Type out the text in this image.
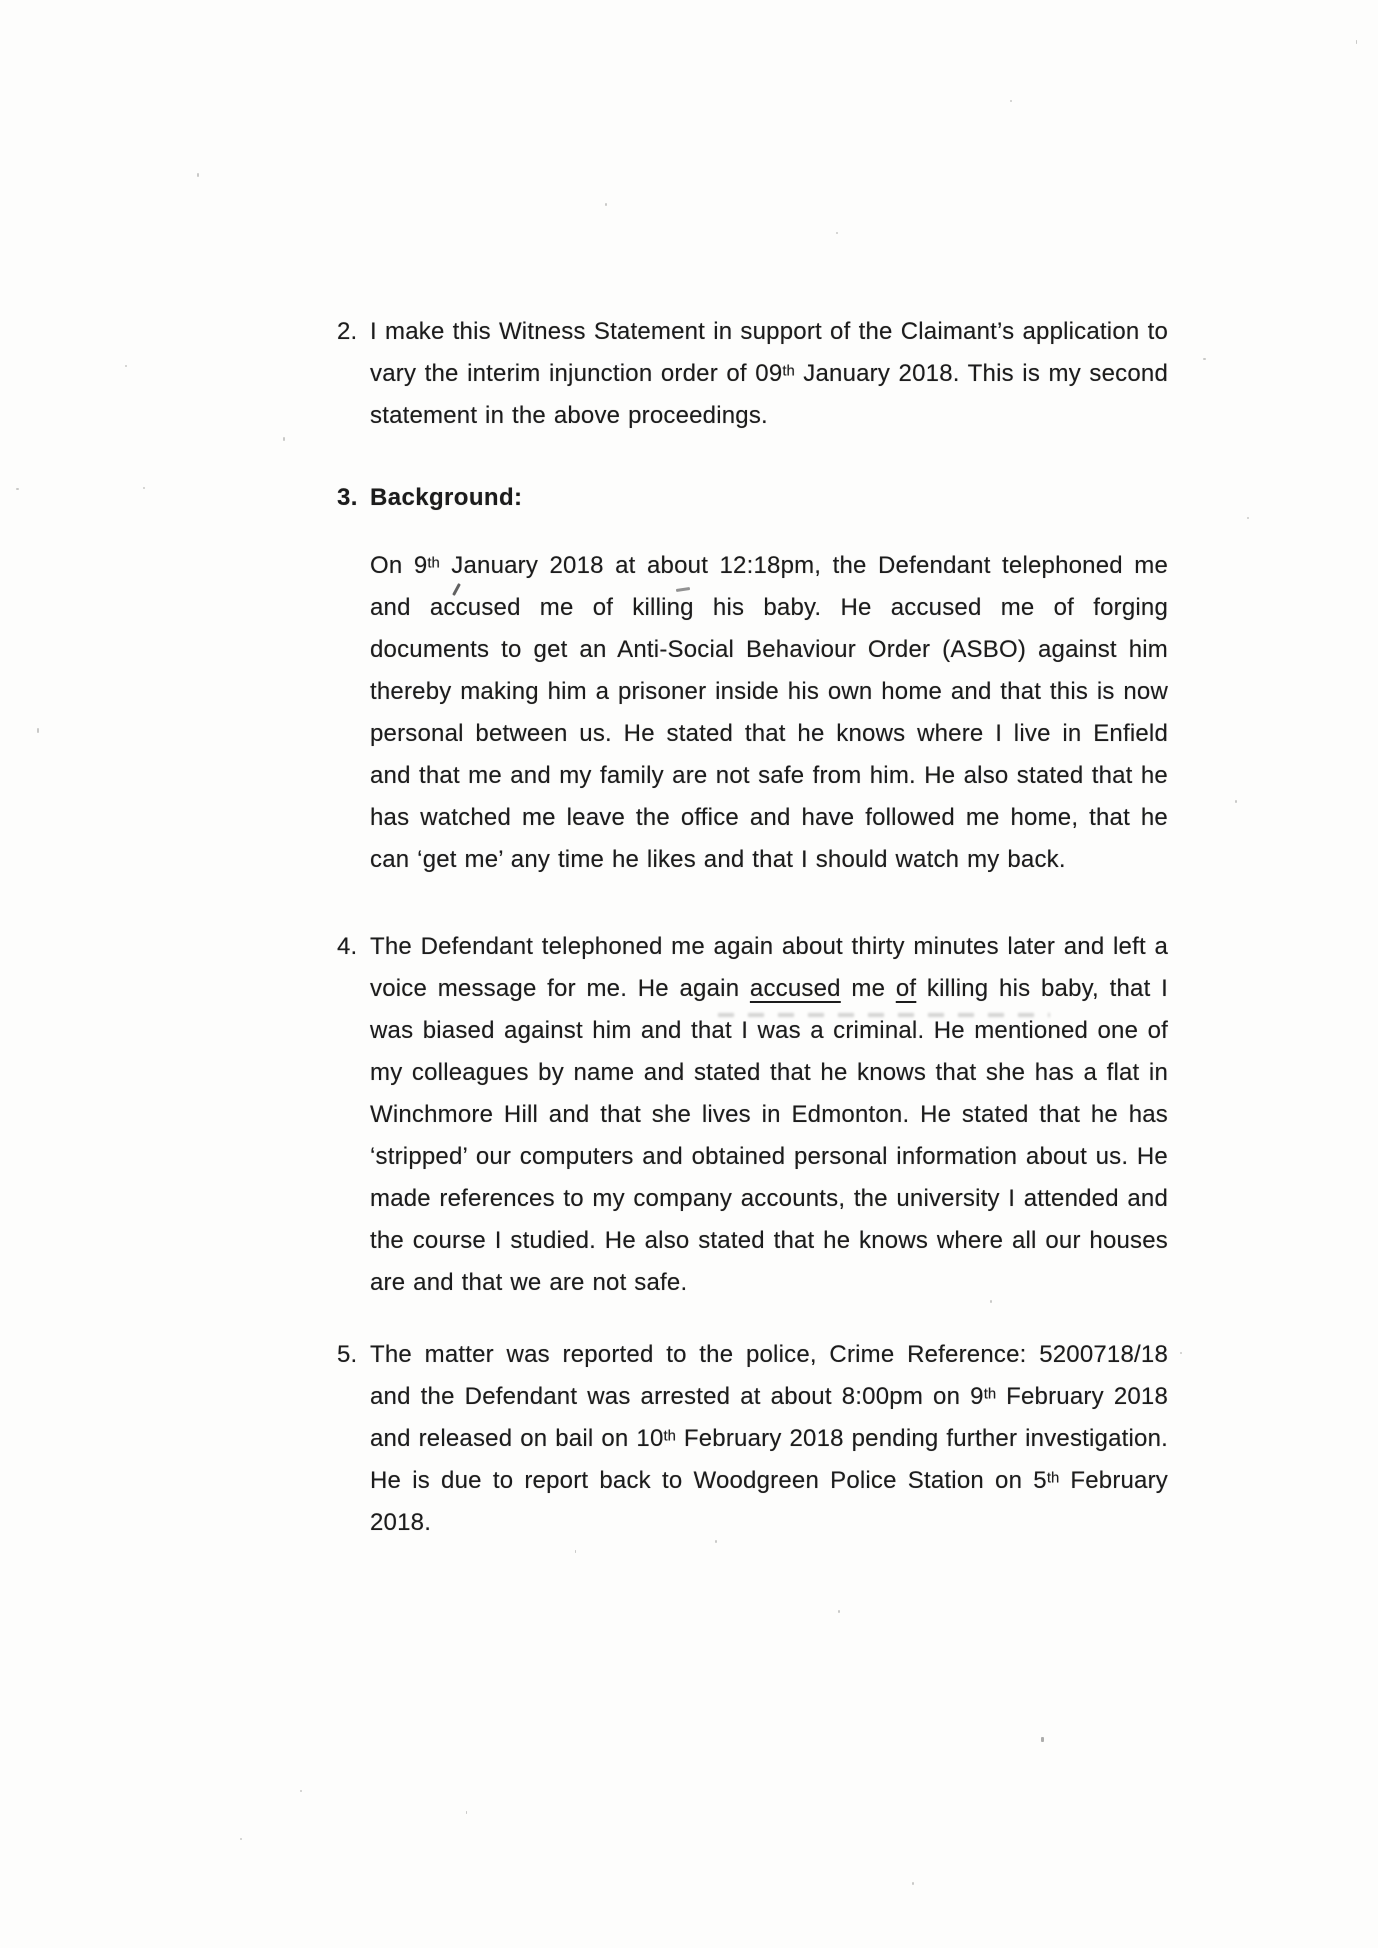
2. I make this Witness Statement in support of the Claimant’s application to vary the interim injunction order of 09th January 2018. This is my second statement in the above proceedings.
3. Background:
On 9th January 2018 at about 12:18pm, the Defendant telephoned me and accused me of killing his baby. He accused me of forging documents to get an Anti-Social Behaviour Order (ASBO) against him thereby making him a prisoner inside his own home and that this is now personal between us. He stated that he knows where I live in Enfield and that me and my family are not safe from him. He also stated that he has watched me leave the office and have followed me home, that he can ‘get me’ any time he likes and that I should watch my back.
4. The Defendant telephoned me again about thirty minutes later and left a voice message for me. He again accused me of killing his baby, that I was biased against him and that I was a criminal. He mentioned one of my colleagues by name and stated that he knows that she has a flat in Winchmore Hill and that she lives in Edmonton. He stated that he has ‘stripped’ our computers and obtained personal information about us. He made references to my company accounts, the university I attended and the course I studied. He also stated that he knows where all our houses are and that we are not safe.
5. The matter was reported to the police, Crime Reference: 5200718/18 and the Defendant was arrested at about 8:00pm on 9th February 2018 and released on bail on 10th February 2018 pending further investigation. He is due to report back to Woodgreen Police Station on 5th February 2018.
